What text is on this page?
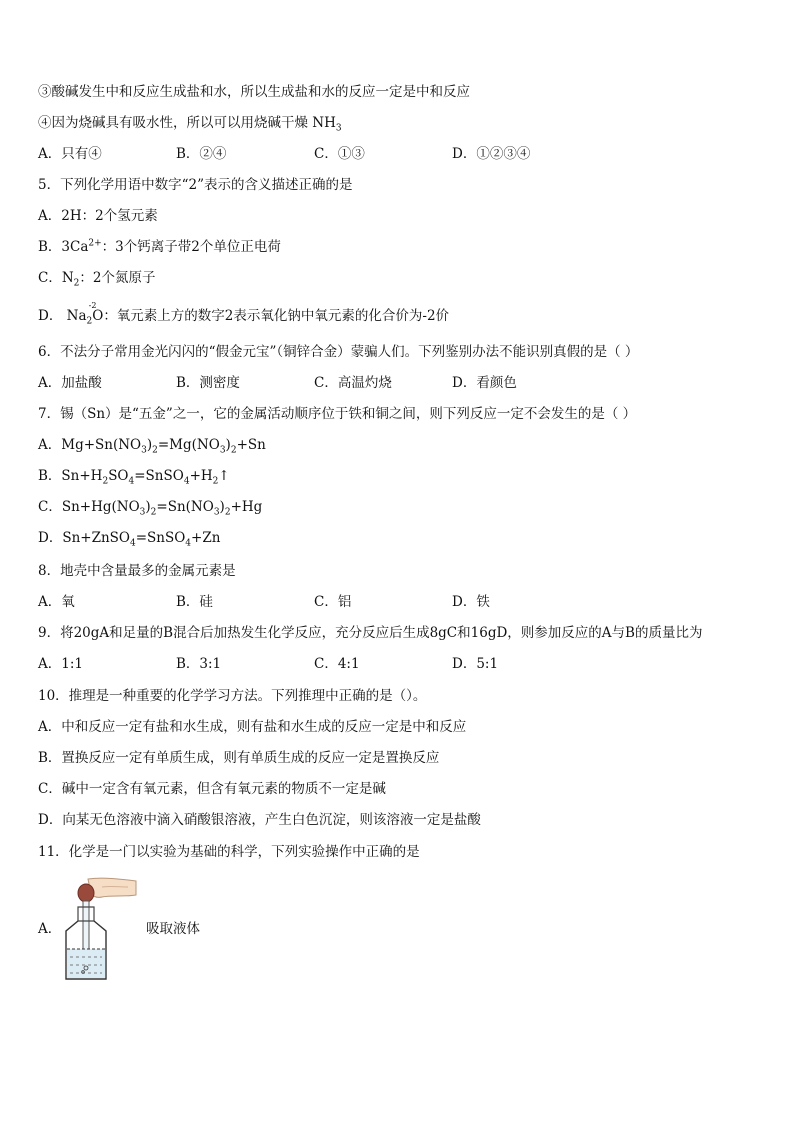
③酸碱发生中和反应生成盐和水，所以生成盐和水的反应一定是中和反应
④因为烧碱具有吸水性，所以可以用烧碱干燥 $NH_3$
A．只有④	B．②④	C．①③	D．①②③④
5．下列化学用语中数字“2”表示的含义描述正确的是
A．2H：2个氢元素
B．$3Ca^{2+}$：3个钙离子带2个单位正电荷
C．$N_2$：2个氮原子
D． $Na_2O$
-2
：氧元素上方的数字2表示氧化钠中氧元素的化合价为-2价
6．不法分子常用金光闪闪的“假金元宝”（铜锌合金）蒙骗人们。下列鉴别办法不能识别真假的是（ ）
A．加盐酸	B．测密度	C．高温灼烧	D．看颜色
7．锡（Sn）是“五金”之一，它的金属活动顺序位于铁和铜之间，则下列反应一定不会发生的是（ ）
A．$Mg+Sn(NO_3)_2=Mg(NO_3)_2+Sn$
B．$Sn+H_2SO_4=SnSO_4+H_2↑$
C．$Sn+Hg(NO_3)_2=Sn(NO_3)_2+Hg$
D．Sn+ZnSO$_4$=SnSO$_4$+Zn
8．地壳中含量最多的金属元素是
A．氧	B．硅	C．铝	D．铁
9．将20gA和足量的B混合后加热发生化学反应，充分反应后生成8gC和16gD，则参加反应的A与B的质量比为
A．1:1	B．3:1	C．4:1	D．5:1
10．推理是一种重要的化学学习方法。下列推理中正确的是（）。
A．中和反应一定有盐和水生成，则有盐和水生成的反应一定是中和反应
B．置换反应一定有单质生成，则有单质生成的反应一定是置换反应
C．碱中一定含有氧元素，但含有氧元素的物质不一定是碱
D．向某无色溶液中滴入硝酸银溶液，产生白色沉淀，则该溶液一定是盐酸
11．化学是一门以实验为基础的科学，下列实验操作中正确的是
A．	吸取液体
